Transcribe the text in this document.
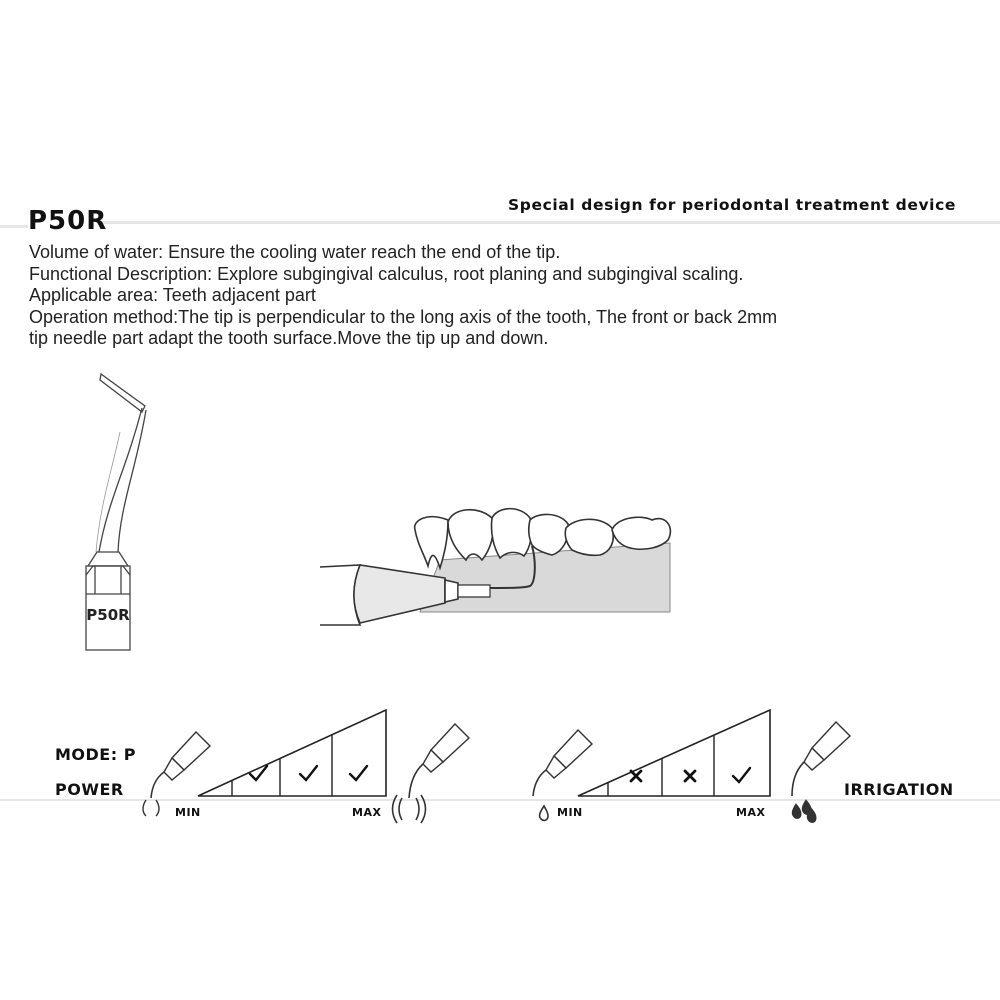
P50R
Special design for periodontal treatment device
Volume of water: Ensure the cooling water reach the end of the tip.
Functional Description: Explore subgingival calculus, root planing and subgingival scaling.
Applicable area: Teeth adjacent part
Operation method:The tip is perpendicular to the long axis of the tooth, The front or back 2mm
tip needle part adapt the tooth surface.Move the tip up and down.
P50R
MODE: P
POWER
MIN	MAX
IRRIGATION
MIN	MAX
